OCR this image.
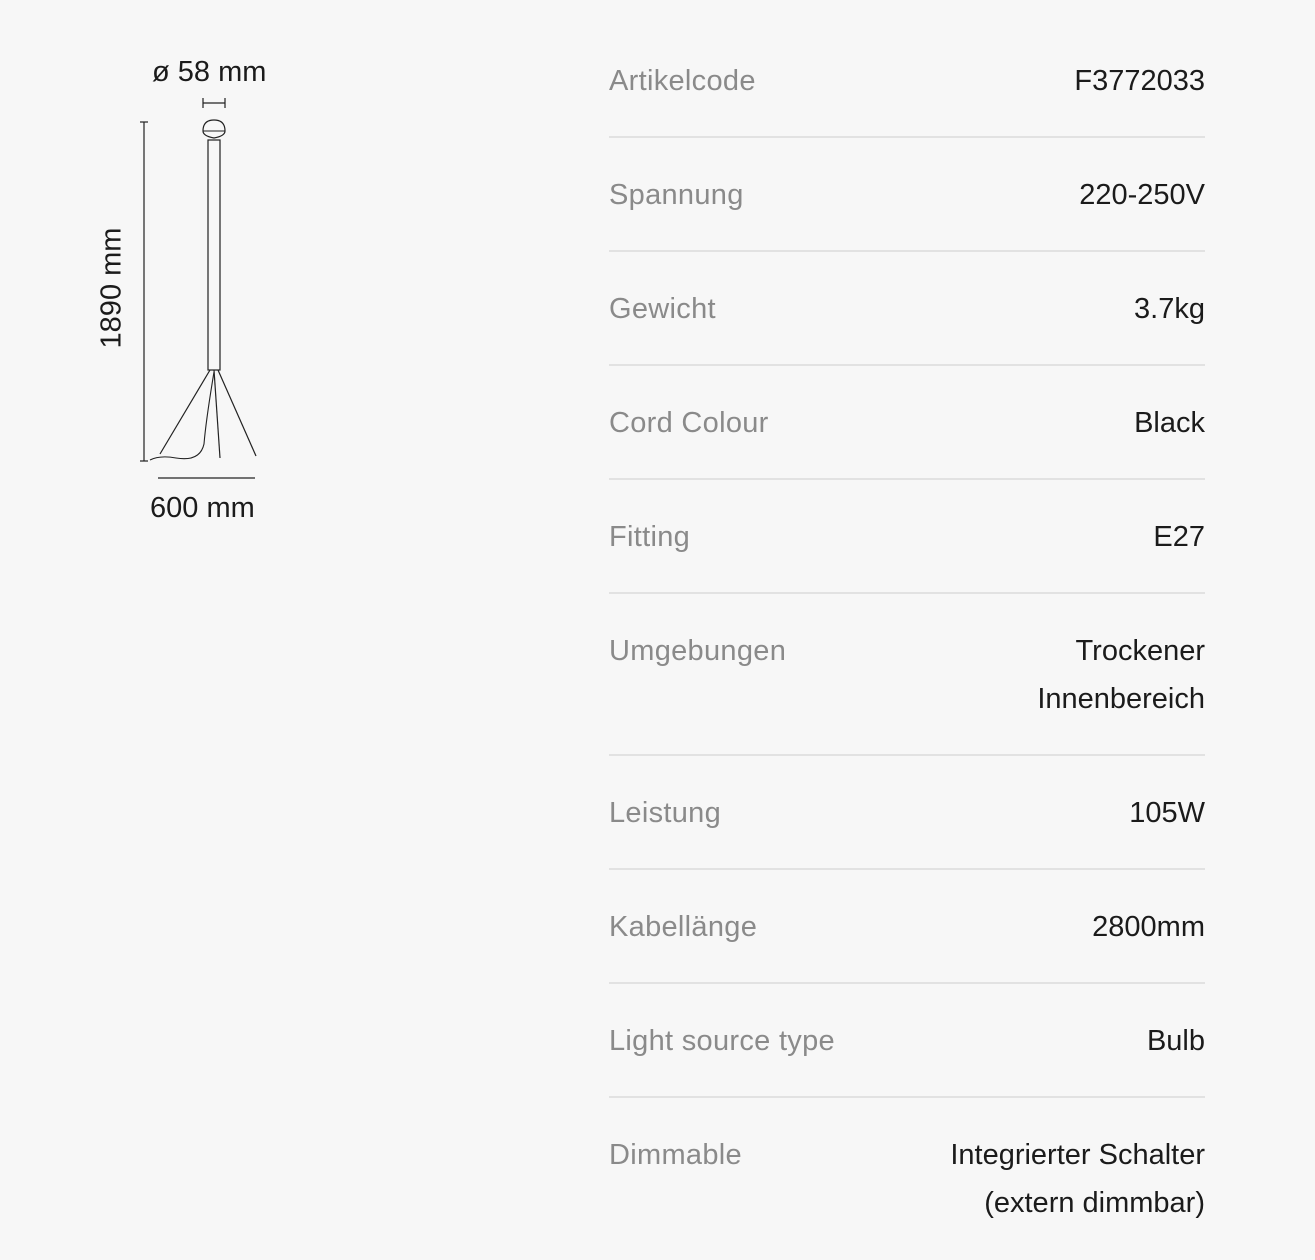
ø 58 mm
1890 mm
600 mm
Artikelcode	F3772033
Spannung	220-250V
Gewicht	3.7kg
Cord Colour	Black
Fitting	E27
Umgebungen	Trockener
Innenbereich
Leistung	105W
Kabellänge	2800mm
Light source type	Bulb
Dimmable	Integrierter Schalter
(extern dimmbar)
